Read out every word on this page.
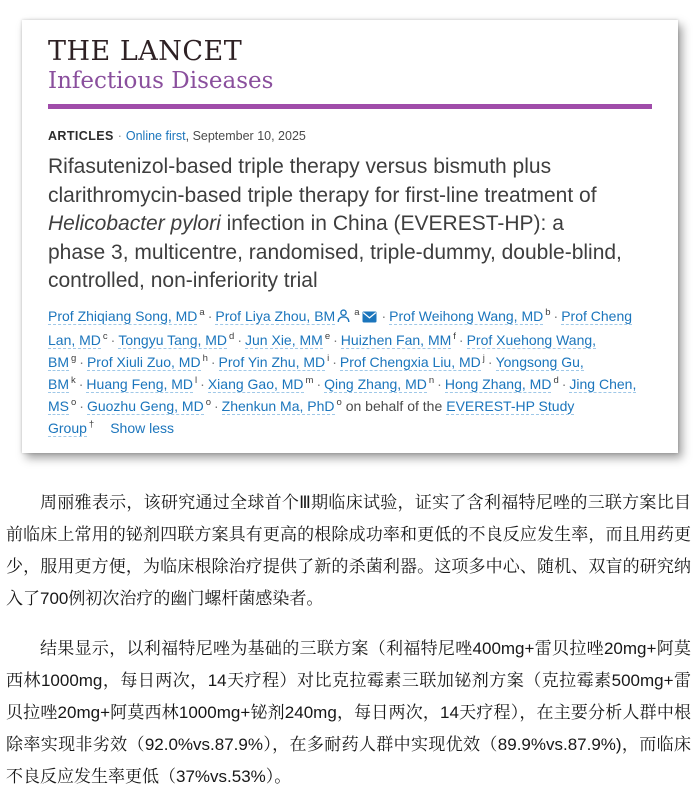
THE LANCET
Infectious Diseases
ARTICLES · Online first, September 10, 2025
Rifasutenizol-based triple therapy versus bismuth plus clarithromycin-based triple therapy for first-line treatment of Helicobacter pylori infection in China (EVEREST-HP): a phase 3, multicentre, randomised, triple-dummy, double-blind, controlled, non-inferiority trial
Prof Zhiqiang Song, MD $^a$ · Prof Liya Zhou, BM $^a$ · Prof Weihong Wang, MD $^b$ · Prof Cheng Lan, MD $^c$ · Tongyu Tang, MD $^d$ · Jun Xie, MM $^e$ · Huizhen Fan, MM $^f$ · Prof Xuehong Wang, BM $^g$ · Prof Xiuli Zuo, MD $^h$ · Prof Yin Zhu, MD $^i$ · Prof Chengxia Liu, MD $^j$ · Yongsong Gu, BM $^k$ · Huang Feng, MD $^l$ · Xiang Gao, MD $^m$ · Qing Zhang, MD $^n$ · Hong Zhang, MD $^d$ · Jing Chen, MS $^o$ · Guozhu Geng, MD $^o$ · Zhenkun Ma, PhD $^o$ on behalf of the EVEREST-HP Study Group † Show less

周丽雅表示，该研究通过全球首个Ⅲ期临床试验，证实了含利福特尼唑的三联方案比目前临床上常用的铋剂四联方案具有更高的根除成功率和更低的不良反应发生率，而且用药更少，服用更方便，为临床根除治疗提供了新的杀菌利器。这项多中心、随机、双盲的研究纳入了700例初次治疗的幽门螺杆菌感染者。

结果显示，以利福特尼唑为基础的三联方案（利福特尼唑400mg+雷贝拉唑20mg+阿莫西林1000mg，每日两次，14天疗程）对比克拉霉素三联加铋剂方案（克拉霉素500mg+雷贝拉唑20mg+阿莫西林1000mg+铋剂240mg，每日两次，14天疗程），在主要分析人群中根除率实现非劣效（92.0%vs.87.9%），在多耐药人群中实现优效（89.9%vs.87.9%)，而临床不良反应发生率更低（37%vs.53%）。
